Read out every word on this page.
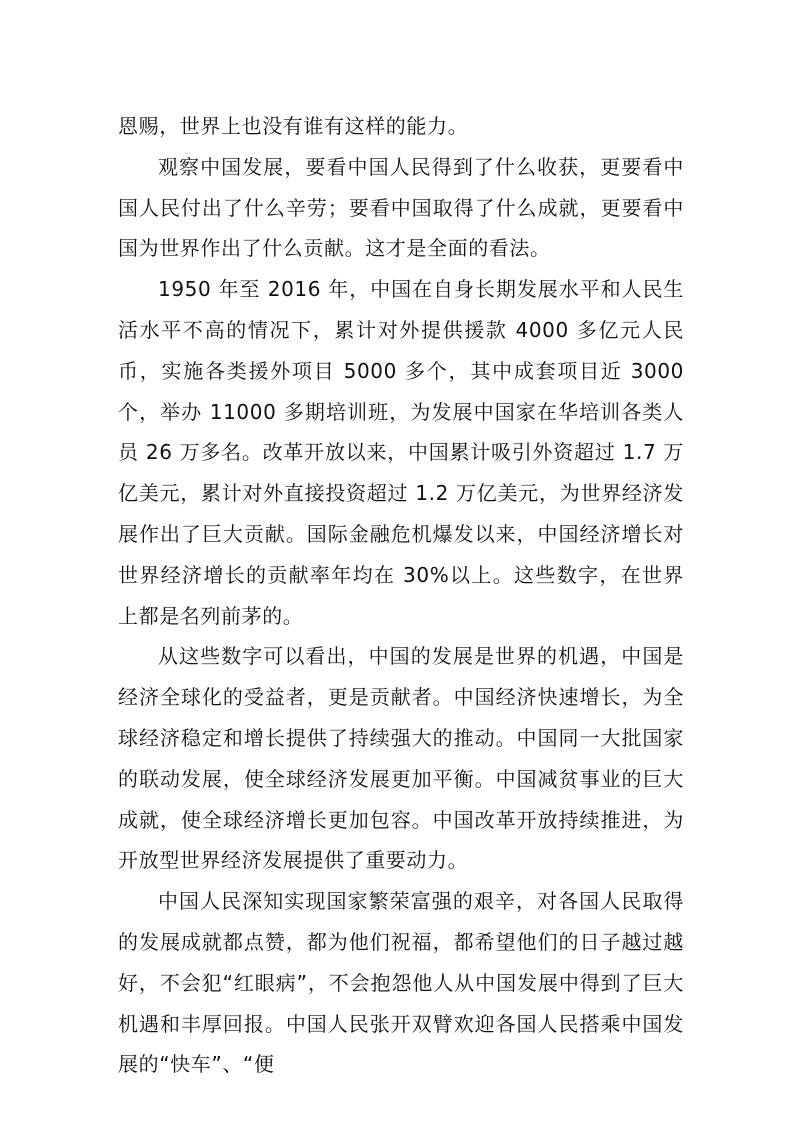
恩赐，世界上也没有谁有这样的能力。

观察中国发展，要看中国人民得到了什么收获，更要看中国人民付出了什么辛劳；要看中国取得了什么成就，更要看中国为世界作出了什么贡献。这才是全面的看法。

1950 年至 2016 年，中国在自身长期发展水平和人民生活水平不高的情况下，累计对外提供援款 4000 多亿元人民币，实施各类援外项目 5000 多个，其中成套项目近 3000 个，举办 11000 多期培训班，为发展中国家在华培训各类人员 26 万多名。改革开放以来，中国累计吸引外资超过 1.7 万亿美元，累计对外直接投资超过 1.2 万亿美元，为世界经济发展作出了巨大贡献。国际金融危机爆发以来，中国经济增长对世界经济增长的贡献率年均在 30%以上。这些数字，在世界上都是名列前茅的。

从这些数字可以看出，中国的发展是世界的机遇，中国是经济全球化的受益者，更是贡献者。中国经济快速增长，为全球经济稳定和增长提供了持续强大的推动。中国同一大批国家的联动发展，使全球经济发展更加平衡。中国减贫事业的巨大成就，使全球经济增长更加包容。中国改革开放持续推进，为开放型世界经济发展提供了重要动力。

中国人民深知实现国家繁荣富强的艰辛，对各国人民取得的发展成就都点赞，都为他们祝福，都希望他们的日子越过越好，不会犯“红眼病”，不会抱怨他人从中国发展中得到了巨大机遇和丰厚回报。中国人民张开双臂欢迎各国人民搭乘中国发展的“快车”、“便
